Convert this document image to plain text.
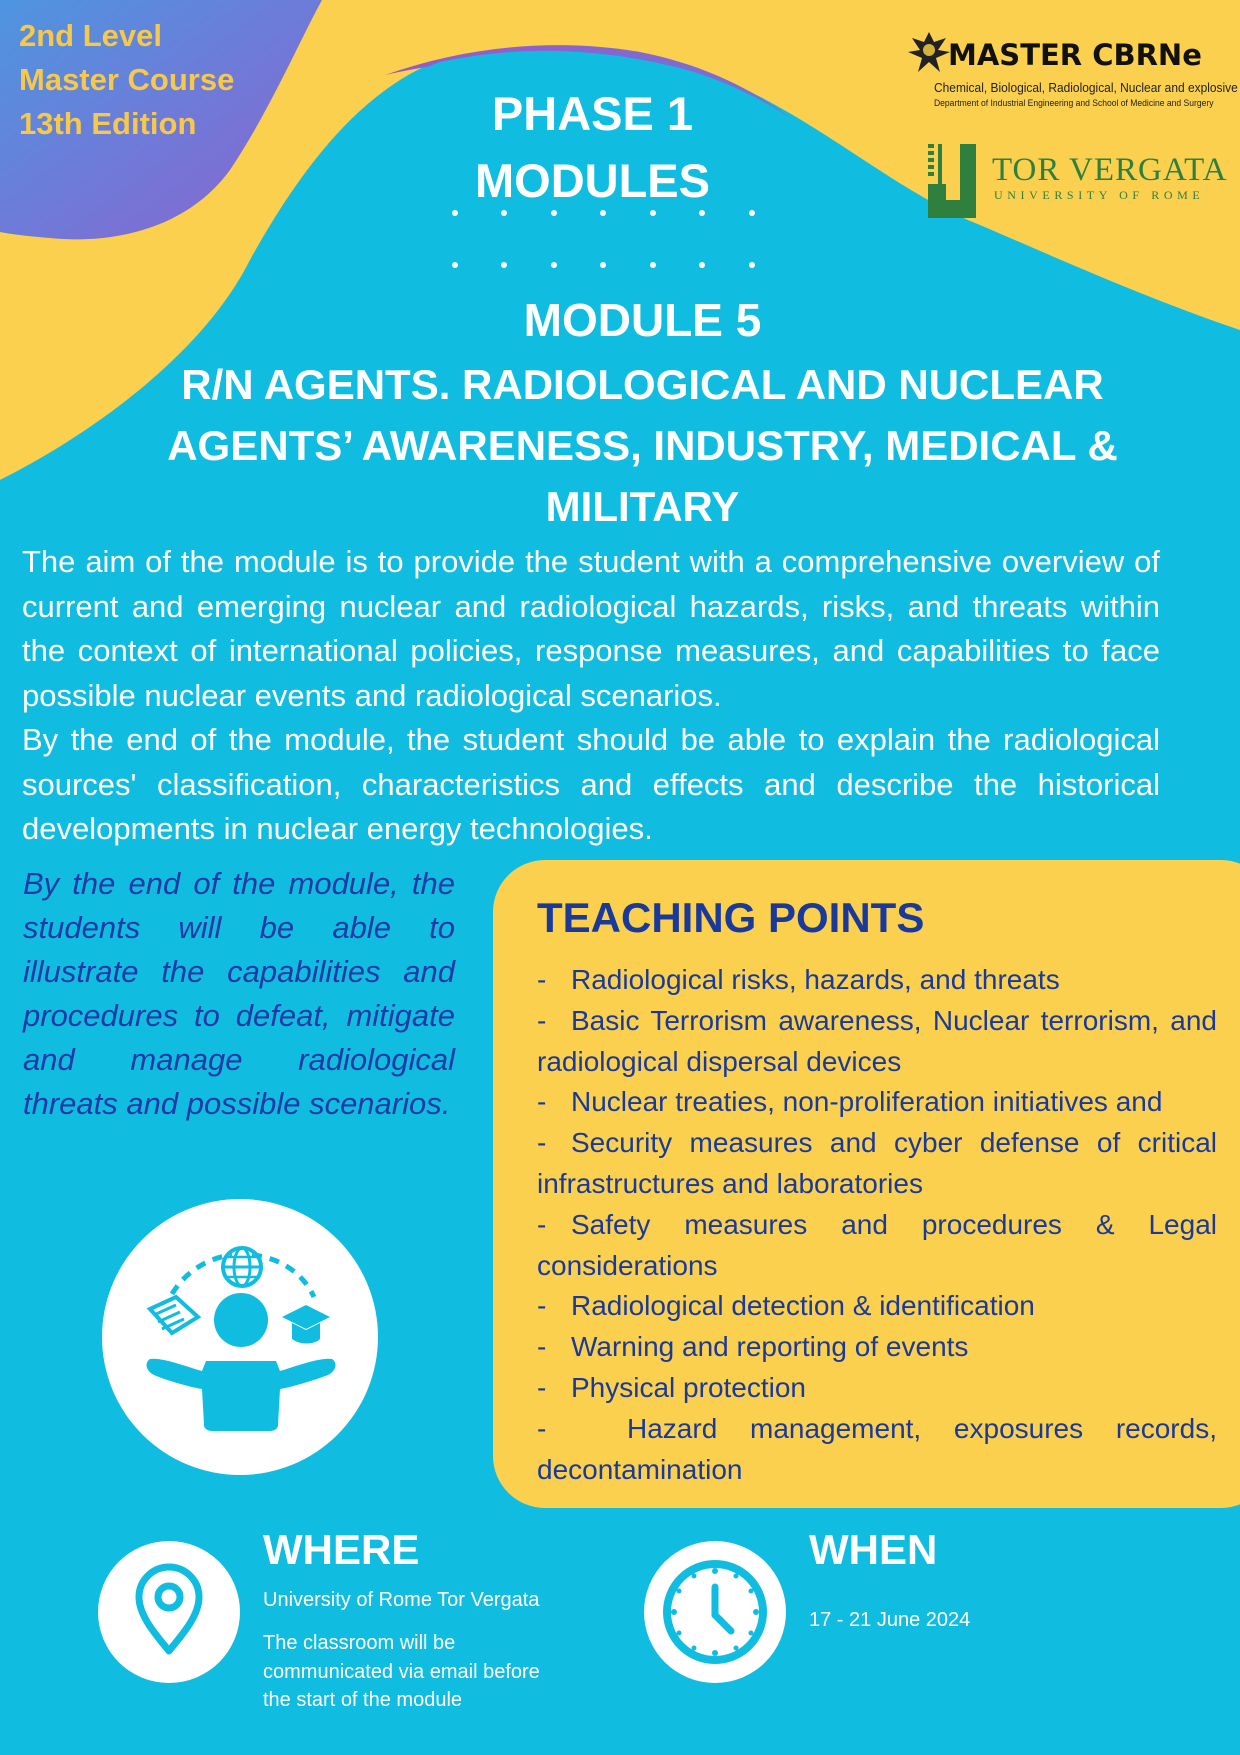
2nd Level
Master Course
13th Edition	PHASE 1
MODULES
MASTER CBRNe
Chemical, Biological, Radiological, Nuclear and explosive
Department of Industrial Engineering and School of Medicine and Surgery
TOR VERGATA
UNIVERSITY OF ROME
MODULE 5
R/N AGENTS. RADIOLOGICAL AND NUCLEAR AGENTS’ AWARENESS, INDUSTRY, MEDICAL & MILITARY

The aim of the module is to provide the student with a comprehensive overview of current and emerging nuclear and radiological hazards, risks, and threats within the context of international policies, response measures, and capabilities to face possible nuclear events and radiological scenarios.

By the end of the module, the student should be able to explain the radiological sources' classification, characteristics and effects and describe the historical developments in nuclear energy technologies.

By the end of the module, the students will be able to illustrate the capabilities and procedures to defeat, mitigate and manage radiological threats and possible scenarios.
TEACHING POINTS
- Radiological risks, hazards, and threats
- Basic Terrorism awareness, Nuclear terrorism, and radiological dispersal devices
- Nuclear treaties, non-proliferation initiatives and
- Security measures and cyber defense of critical infrastructures and laboratories
- Safety measures and procedures & Legal considerations
- Radiological detection & identification
- Warning and reporting of events
- Physical protection
-	Hazard management, exposures records, decontamination
WHERE
University of Rome Tor Vergata
The classroom will be communicated via email before the start of the module
WHEN
17 - 21 June 2024
